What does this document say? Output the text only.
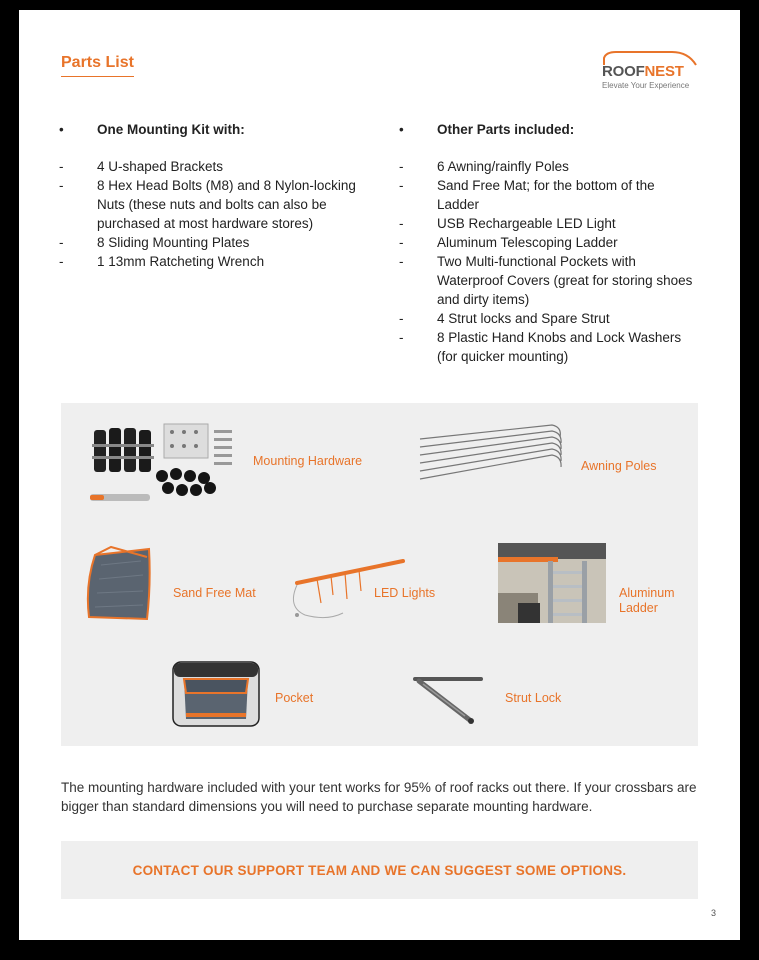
Parts List
ROOFNEST
Elevate Your Experience
•	One Mounting Kit with:
-	4 U-shaped Brackets
-	8 Hex Head Bolts (M8) and 8 Nylon-locking Nuts (these nuts and bolts can also be purchased at most hardware stores)
-	8 Sliding Mounting Plates
-	1 13mm Ratcheting Wrench
•	Other Parts included:
-	6 Awning/rainfly Poles
-	Sand Free Mat; for the bottom of the Ladder
-	USB Rechargeable LED Light
-	Aluminum Telescoping Ladder
-	Two Multi-functional Pockets with Waterproof Covers (great for storing shoes and dirty items)
-	4 Strut locks and Spare Strut
-	8 Plastic Hand Knobs and Lock Washers (for quicker mounting)
Mounting Hardware	Awning Poles
Sand Free Mat	LED Lights	Aluminum
Ladder
Pocket	Strut Lock
The mounting hardware included with your tent works for 95% of roof racks out there. If your crossbars are bigger than standard dimensions you will need to purchase separate mounting hardware.
CONTACT OUR SUPPORT TEAM AND WE CAN SUGGEST SOME OPTIONS.
3
